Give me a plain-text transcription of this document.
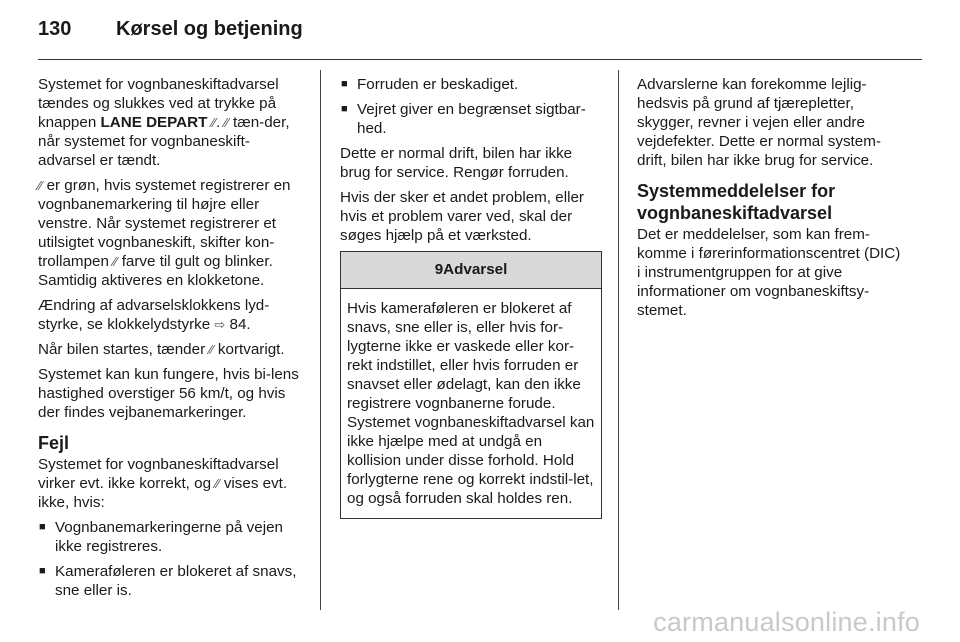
130 Kørsel og betjening

Systemet for vognbaneskiftadvarsel tændes og slukkes ved at trykke på knappen LANE DEPART ⁄∕. ⁄∕ tæn-der, når systemet for vognbaneskift-advarsel er tændt.

⁄∕ er grøn, hvis systemet registrerer en vognbanemarkering til højre eller venstre. Når systemet registrerer et utilsigtet vognbaneskift, skifter kon-trollampen ⁄∕ farve til gult og blinker. Samtidig aktiveres en klokketone.

Ændring af advarselsklokkens lyd-styrke, se klokkelydstyrke ⇨ 84.

Når bilen startes, tænder ⁄∕ kortvarigt.

Systemet kan kun fungere, hvis bi-lens hastighed overstiger 56 km/t, og hvis der findes vejbanemarkeringer.

Fejl

Systemet for vognbaneskiftadvarsel virker evt. ikke korrekt, og ⁄∕ vises evt. ikke, hvis:

■ Vognbanemarkeringerne på vejen ikke registreres.
■ Kameraføleren er blokeret af snavs, sne eller is.
■ Forruden er beskadiget.
■ Vejret giver en begrænset sigtbar-hed.

Dette er normal drift, bilen har ikke brug for service. Rengør forruden.

Hvis der sker et andet problem, eller hvis et problem varer ved, skal der søges hjælp på et værksted.

9Advarsel
Hvis kameraføleren er blokeret af snavs, sne eller is, eller hvis for-lygterne ikke er vaskede eller kor-rekt indstillet, eller hvis forruden er snavset eller ødelagt, kan den ikke registrere vognbanerne forude. Systemet vognbaneskiftadvarsel kan ikke hjælpe med at undgå en kollision under disse forhold. Hold forlygterne rene og korrekt indstil-let, og også forruden skal holdes ren.

Advarslerne kan forekomme lejlig-hedsvis på grund af tjærepletter, skygger, revner i vejen eller andre vejdefekter. Dette er normal system-drift, bilen har ikke brug for service.

Systemmeddelelser for vognbaneskiftadvarsel

Det er meddelelser, som kan frem-komme i førerinformationscentret (DIC) i instrumentgruppen for at give informationer om vognbaneskiftsy-stemet.

carmanualsonline.info
